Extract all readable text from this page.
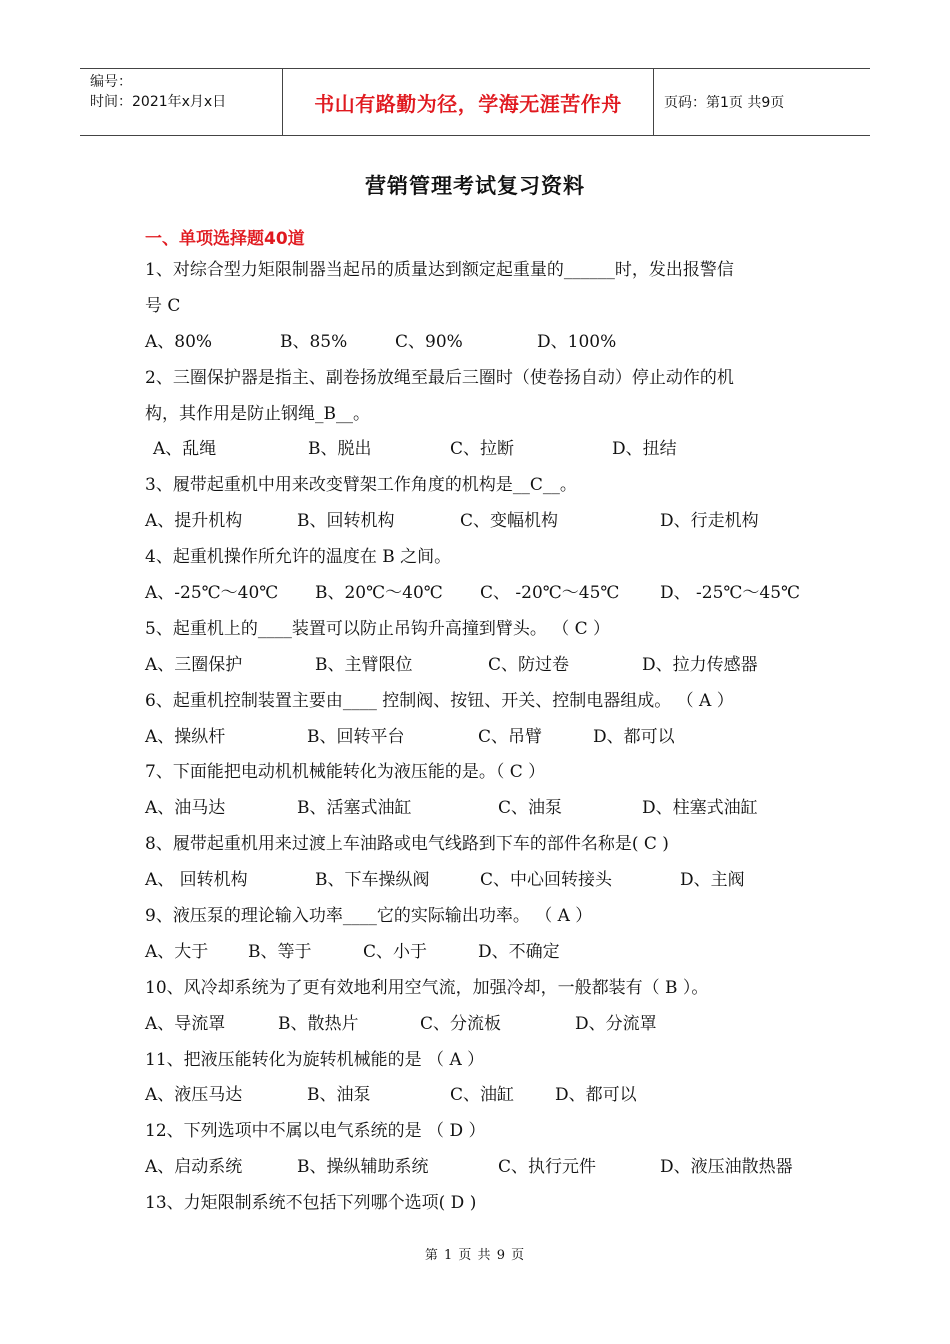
编号：
时间：2021年x月x日	书山有路勤为径，学海无涯苦作舟	页码：第1页 共9页
营销管理考试复习资料
一、单项选择题40道
1、对综合型力矩限制器当起吊的质量达到额定起重量的______时，发出报警信
号 C
A、80%	B、85%	C、90%	D、100%
2、三圈保护器是指主、副卷扬放绳至最后三圈时（使卷扬自动）停止动作的机
构，其作用是防止钢绳_B__。
A、乱绳	B、脱出	C、拉断	D、扭结
3、履带起重机中用来改变臂架工作角度的机构是__C__。
A、提升机构	B、回转机构	C、变幅机构	D、行走机构
4、起重机操作所允许的温度在 B 之间。
A、-25℃～40℃ B、20℃～40℃ C、 -20℃～45℃ D、 -25℃～45℃
5、起重机上的____装置可以防止吊钩升高撞到臂头。 （ C ）
A、三圈保护	B、主臂限位	C、防过卷	D、拉力传感器
6、起重机控制装置主要由____ 控制阀、按钮、开关、控制电器组成。 （ A ）
A、操纵杆	B、回转平台	C、吊臂	D、都可以
7、下面能把电动机机械能转化为液压能的是。（ C ）
A、油马达	B、活塞式油缸	C、油泵	D、柱塞式油缸
8、履带起重机用来过渡上车油路或电气线路到下车的部件名称是( C )
A、 回转机构	B、下车操纵阀	C、中心回转接头	D、主阀
9、液压泵的理论输入功率____它的实际输出功率。 （ A ）
A、大于 B、等于	C、小于	D、不确定
10、风冷却系统为了更有效地利用空气流，加强冷却，一般都装有（ B ）。
A、导流罩	B、散热片	C、分流板	D、分流罩
11、把液压能转化为旋转机械能的是 （ A ）
A、液压马达	B、油泵	C、油缸 D、都可以
12、下列选项中不属以电气系统的是 （ D ）
A、启动系统	B、操纵辅助系统	C、执行元件	D、液压油散热器
13、力矩限制系统不包括下列哪个选项( D )
第 1 页 共 9 页
